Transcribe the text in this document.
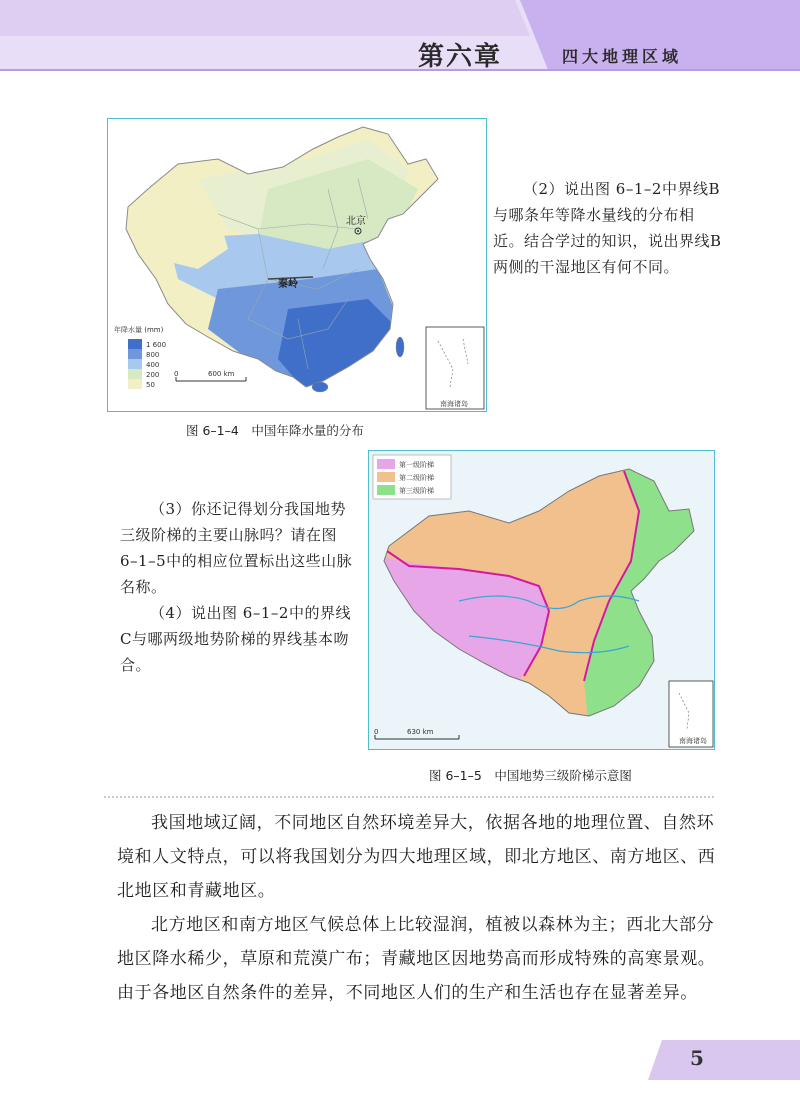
第六章	四大地理区域
北京
秦岭
年降水量 (mm)
1 600
800
400
200
50
0	600 km
南海诸岛
图 6–1–4　中国年降水量的分布

（2）说出图 6–1–2中界线B与哪条年等降水量线的分布相近。结合学过的知识，说出界线B两侧的干湿地区有何不同。

第一级阶梯
第二级阶梯
第三级阶梯
0	630 km
南海诸岛
图 6–1–5　中国地势三级阶梯示意图

（3）你还记得划分我国地势三级阶梯的主要山脉吗？请在图 6–1–5中的相应位置标出这些山脉名称。

（4）说出图 6–1–2中的界线C与哪两级地势阶梯的界线基本吻合。

我国地域辽阔，不同地区自然环境差异大，依据各地的地理位置、自然环境和人文特点，可以将我国划分为四大地理区域，即北方地区、南方地区、西北地区和青藏地区。

北方地区和南方地区气候总体上比较湿润，植被以森林为主；西北大部分地区降水稀少，草原和荒漠广布；青藏地区因地势高而形成特殊的高寒景观。由于各地区自然条件的差异，不同地区人们的生产和生活也存在显著差异。

5
